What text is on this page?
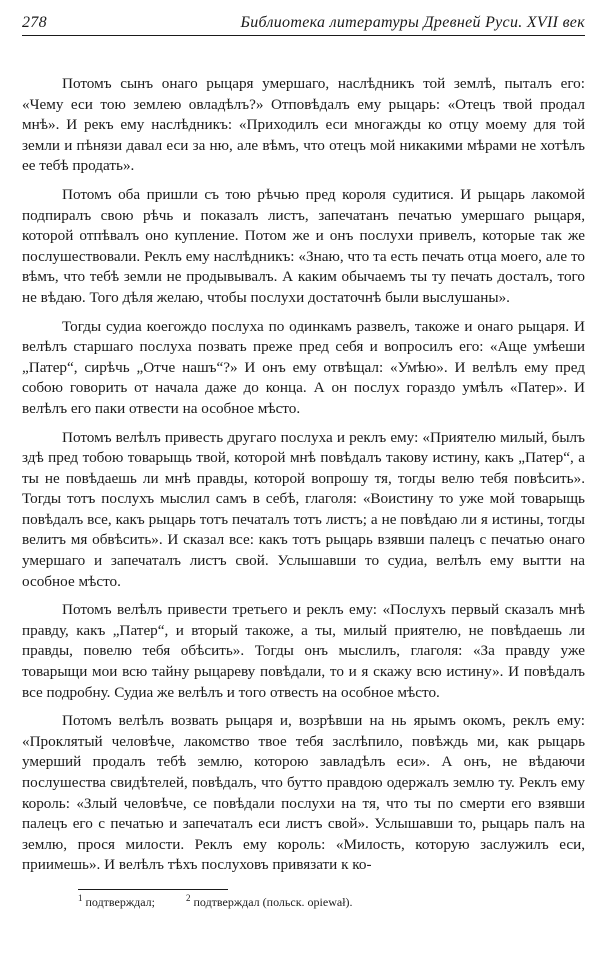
278	Библиотека литературы Древней Руси. XVII век

Потомъ сынъ онаго рыцаря умершаго, наслѣдникъ той землѣ, пыталъ его: «Чему еси тою землею овладѣлъ?» Отповѣдалъ ему рыцарь: «Отецъ твой продал мнѣ». И рекъ ему наслѣдникъ: «Приходилъ еси многажды ко отцу моему для той земли и пѣнязи давал еси за ню, але вѣмъ, что отецъ мой никакими мѣрами не хотѣлъ ее тебѣ продать».

Потомъ оба пришли съ тою рѣчью пред короля судитися. И рыцарь лакомой подпиралъ свою рѣчь и показалъ листъ, запечатанъ печатью умершаго рыцаря, которой отпѣвалъ оно купление. Потом же и онъ послухи привелъ, которые так же послушествовали. Реклъ ему наслѣдникъ: «Знаю, что та есть печать отца моего, але то вѣмъ, что тебѣ земли не продывывалъ. А каким обычаемъ ты ту печать досталъ, того не вѣдаю. Того дѣля желаю, чтобы послухи достаточнѣ были выслушаны».

Тогды судиа коегождо послуха по одинкамъ развелъ, такожe и онаго рыцаря. И велѣлъ старшаго послуха позвать прежe пред себя и вопросилъ его: «Аще умѣеши „Патер“, сирѣчь „Отче нашъ“?» И онъ ему отвѣщал: «Умѣю». И велѣлъ ему пред собою говорить от начала даже до конца. А он послух гораздо умѣлъ «Патер». И велѣлъ его паки отвести на особное мѣсто.

Потомъ велѣлъ привесть другаго послуха и реклъ ему: «Приятелю милый, былъ здѣ пред тобою товарыщь твой, которой мнѣ повѣдалъ такову истину, какъ „Патер“, а ты не повѣдаешь ли мнѣ правды, которой вопрошу тя, тогды велю тебя повѣсить». Тогды тотъ послухъ мыслил самъ в себѣ, глаголя: «Воистину то уже мой товарыщь повѣдалъ все, какъ рыцарь тотъ печаталъ тотъ листъ; а не повѣдаю ли я истины, тогды велитъ мя обвѣсить». И сказал все: какъ тотъ рыцарь взявши палецъ с печатью онаго умершаго и запечаталъ листъ свой. Услышавши то судиа, велѣлъ ему вытти на особное мѣсто.

Потомъ велѣлъ привести третьего и реклъ ему: «Послухъ первый сказалъ мнѣ правду, какъ „Патер“, и вторый такожe, а ты, милый приятелю, не повѣдаешь ли правды, повелю тебя обѣсить». Тогды онъ мыслилъ, глаголя: «За правду уже товарыщи мои всю тайну рыцареву повѣдали, то и я скажу всю истину». И повѣдалъ все подробну. Судиа же велѣлъ и того отвесть на особное мѣсто.

Потомъ велѣлъ возвать рыцаря и, возрѣвши на нь ярымъ окомъ, реклъ ему: «Проклятый человѣче, лакомство твое тебя заслѣпило, повѣждь ми, как рыцарь умерший продалъ тебѣ землю, которою завладѣлъ еси». А онъ, не вѣдаючи послушества свидѣтелей, повѣдалъ, что бутто правдою одержалъ землю ту. Реклъ ему король: «Злый человѣче, се повѣдали послухи на тя, что ты по смерти его взявши палецъ его с печатью и запечаталъ еси листъ свой». Услышавши то, рыцарь палъ на землю, прося милости. Реклъ ему король: «Милость, которую заслужилъ еси, приимешь». И велѣлъ тѣхъ послуховъ привязати к ко-

$^1$ подтверждал;	$^2$ подтверждал (польск. opiewał).
